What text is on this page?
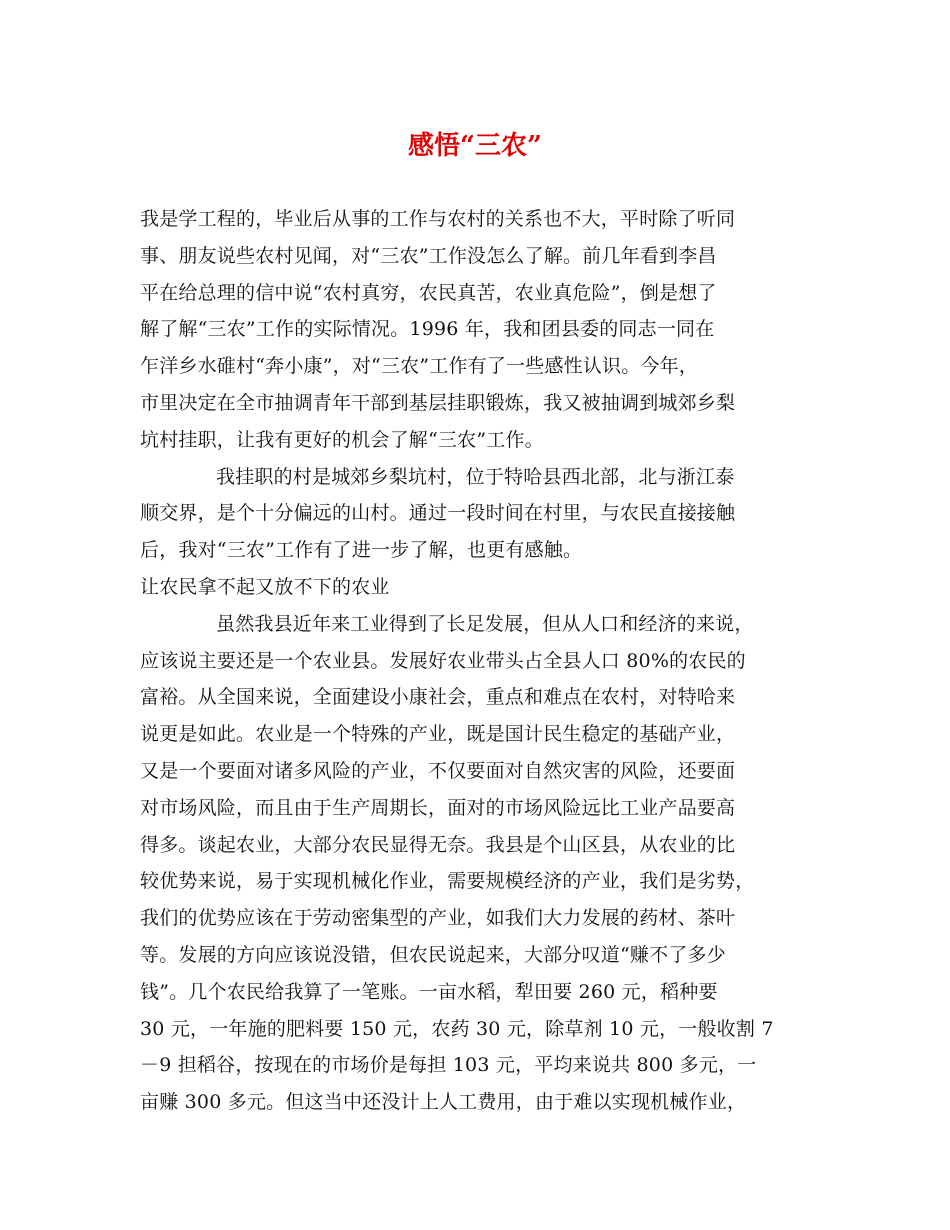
感悟“三农”

我是学工程的，毕业后从事的工作与农村的关系也不大，平时除了听同

事、朋友说些农村见闻，对“三农”工作没怎么了解。前几年看到李昌

平在给总理的信中说“农村真穷，农民真苦，农业真危险”，倒是想了

解了解“三农”工作的实际情况。1996 年，我和团县委的同志一同在

乍洋乡水碓村“奔小康”，对“三农”工作有了一些感性认识。今年，

市里决定在全市抽调青年干部到基层挂职锻炼，我又被抽调到城郊乡梨

坑村挂职，让我有更好的机会了解“三农”工作。

我挂职的村是城郊乡梨坑村，位于特哈县西北部，北与浙江泰

顺交界，是个十分偏远的山村。通过一段时间在村里，与农民直接接触

后，我对“三农”工作有了进一步了解，也更有感触。

让农民拿不起又放不下的农业

虽然我县近年来工业得到了长足发展，但从人口和经济的来说，

应该说主要还是一个农业县。发展好农业带头占全县人口 80%的农民的

富裕。从全国来说，全面建设小康社会，重点和难点在农村，对特哈来

说更是如此。农业是一个特殊的产业，既是国计民生稳定的基础产业，

又是一个要面对诸多风险的产业，不仅要面对自然灾害的风险，还要面

对市场风险，而且由于生产周期长，面对的市场风险远比工业产品要高

得多。谈起农业，大部分农民显得无奈。我县是个山区县，从农业的比

较优势来说，易于实现机械化作业，需要规模经济的产业，我们是劣势，

我们的优势应该在于劳动密集型的产业，如我们大力发展的药材、茶叶

等。发展的方向应该说没错，但农民说起来，大部分叹道“赚不了多少

钱”。几个农民给我算了一笔账。一亩水稻，犁田要 260 元，稻种要

30 元，一年施的肥料要 150 元，农药 30 元，除草剂 10 元，一般收割 7

－9 担稻谷，按现在的市场价是每担 103 元，平均来说共 800 多元，一

亩赚 300 多元。但这当中还没计上人工费用，由于难以实现机械作业，
